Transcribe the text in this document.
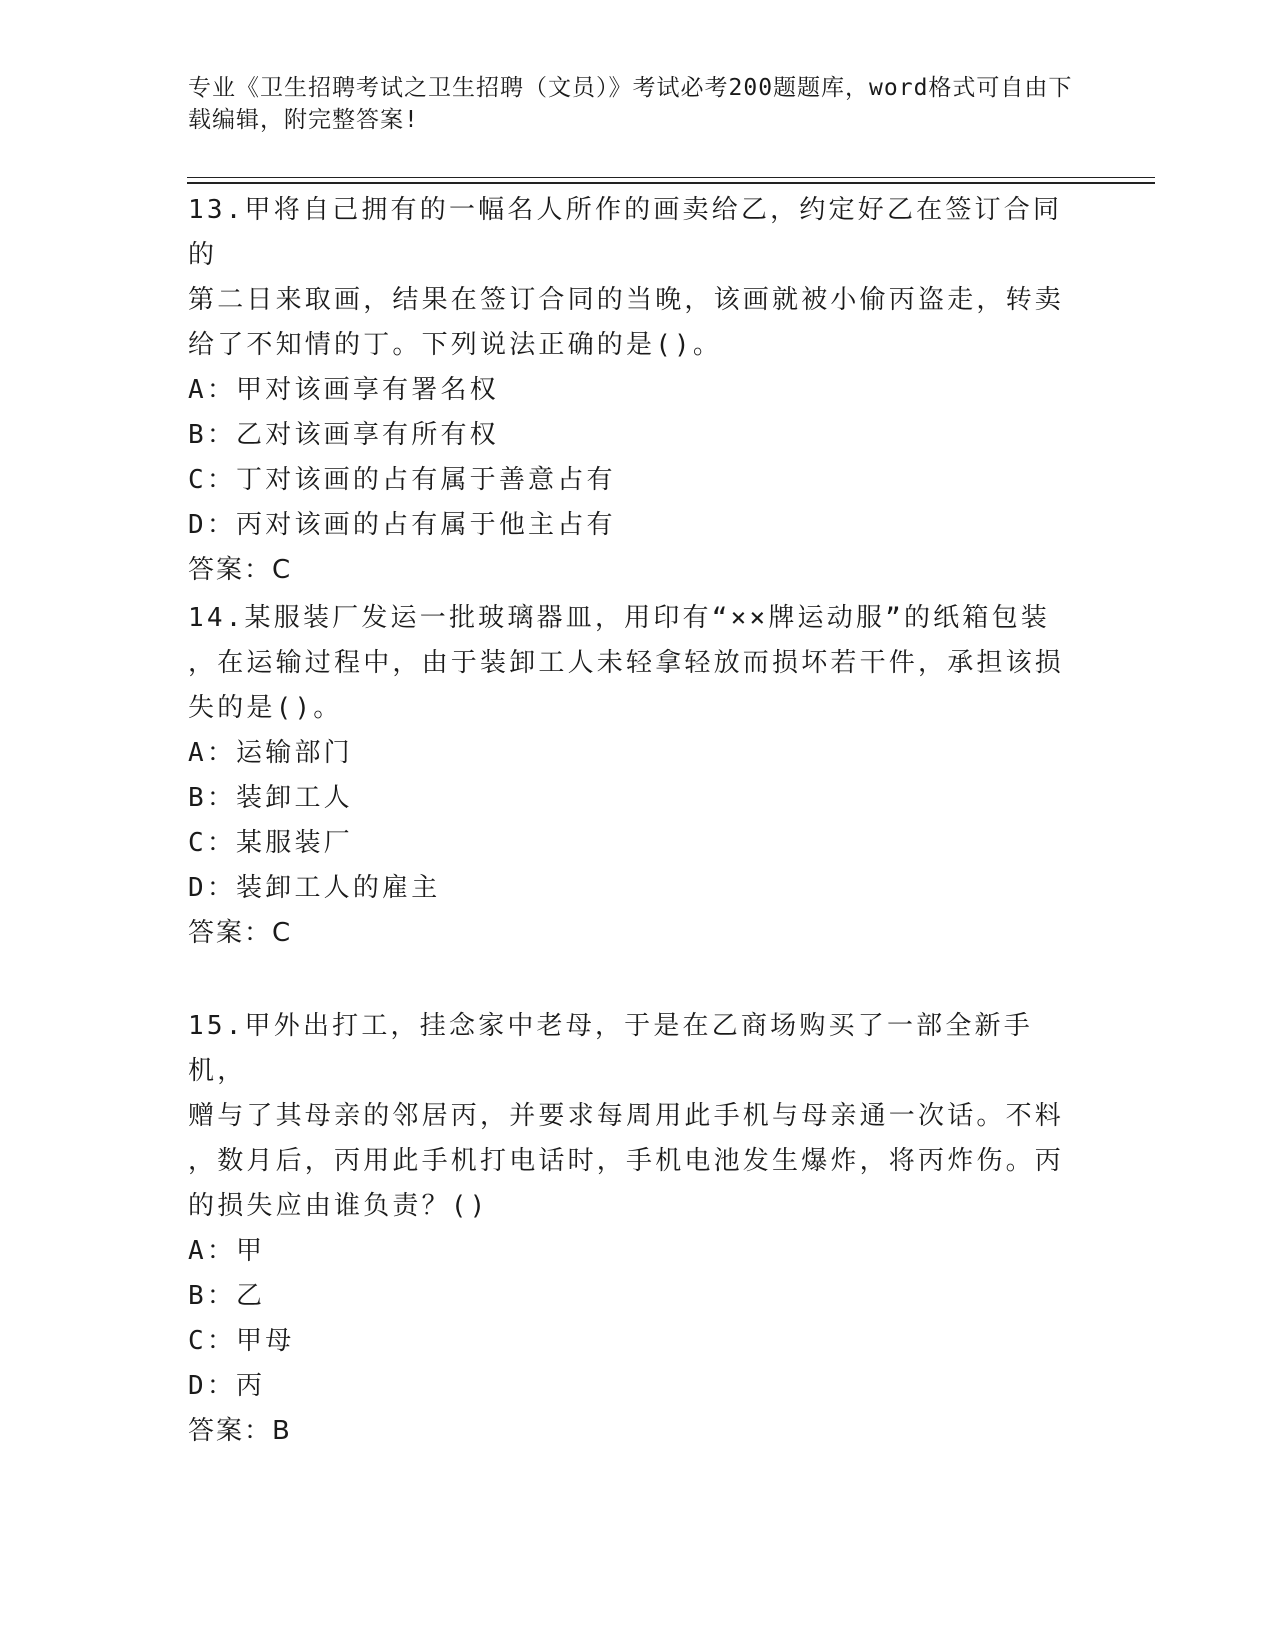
专业《卫生招聘考试之卫生招聘（文员）》考试必考200题题库，word格式可自由下载编辑，附完整答案!

13.甲将自己拥有的一幅名人所作的画卖给乙，约定好乙在签订合同的

第二日来取画，结果在签订合同的当晚，该画就被小偷丙盗走，转卖

给了不知情的丁。下列说法正确的是()。

A：甲对该画享有署名权

B：乙对该画享有所有权

C：丁对该画的占有属于善意占有

D：丙对该画的占有属于他主占有

答案：C

14.某服装厂发运一批玻璃器皿，用印有“××牌运动服”的纸箱包装

，在运输过程中，由于装卸工人未轻拿轻放而损坏若干件，承担该损

失的是()。

A：运输部门

B：装卸工人

C：某服装厂

D：装卸工人的雇主

答案：C

15.甲外出打工，挂念家中老母，于是在乙商场购买了一部全新手机，

赠与了其母亲的邻居丙，并要求每周用此手机与母亲通一次话。不料

，数月后，丙用此手机打电话时，手机电池发生爆炸，将丙炸伤。丙

的损失应由谁负责？()

A：甲

B：乙

C：甲母

D：丙

答案：B
